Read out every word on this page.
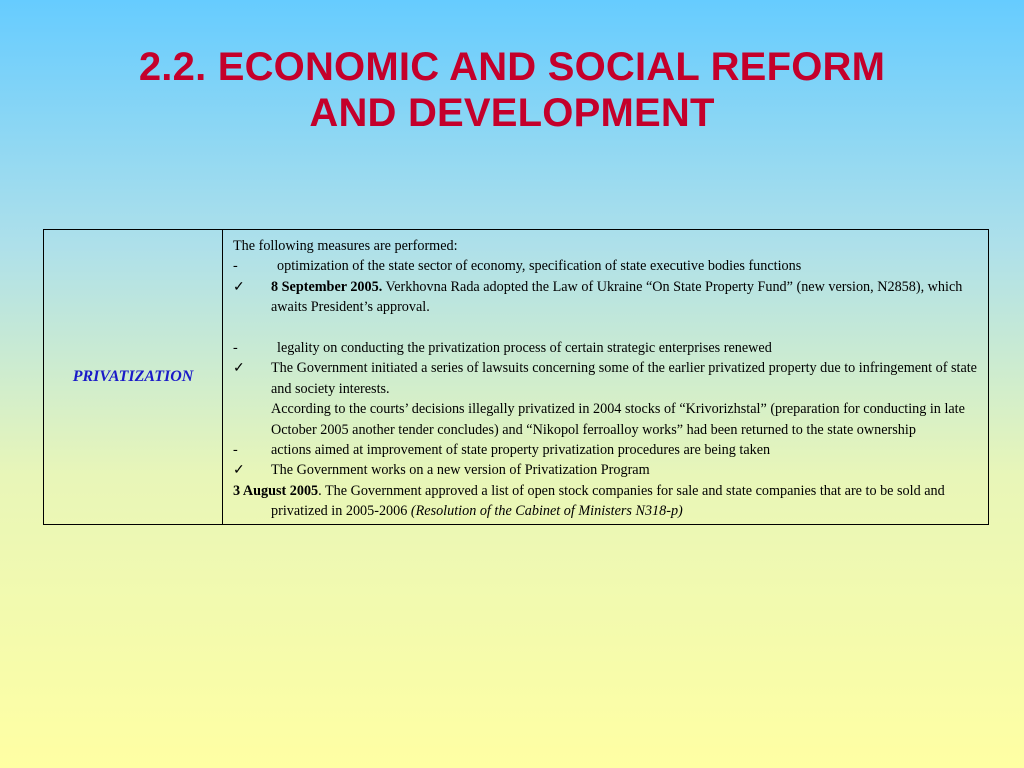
2.2. ECONOMIC AND SOCIAL REFORM
AND DEVELOPMENT
PRIVATIZATION	
The following measures are performed:
-	optimization of the state sector of economy, specification of state executive bodies functions
✓ 8 September 2005. Verkhovna Rada adopted the Law of Ukraine “On State Property Fund” (new version, N2858), which awaits President’s approval.
-	legality on conducting the privatization process of certain strategic enterprises renewed
✓ The Government initiated a series of lawsuits concerning some of the earlier privatized property due to infringement of state and society interests.
According to the courts’ decisions illegally privatized in 2004 stocks of “Krivorizhstal” (preparation for conducting in late October 2005 another tender concludes) and “Nikopol ferroalloy works” had been returned to the state ownership
- actions aimed at improvement of state property privatization procedures are being taken
✓ The Government works on a new version of Privatization Program
3 August 2005. The Government approved a list of open stock companies for sale and state companies that are to be sold and privatized in 2005-2006 (Resolution of the Cabinet of Ministers N318-p)
